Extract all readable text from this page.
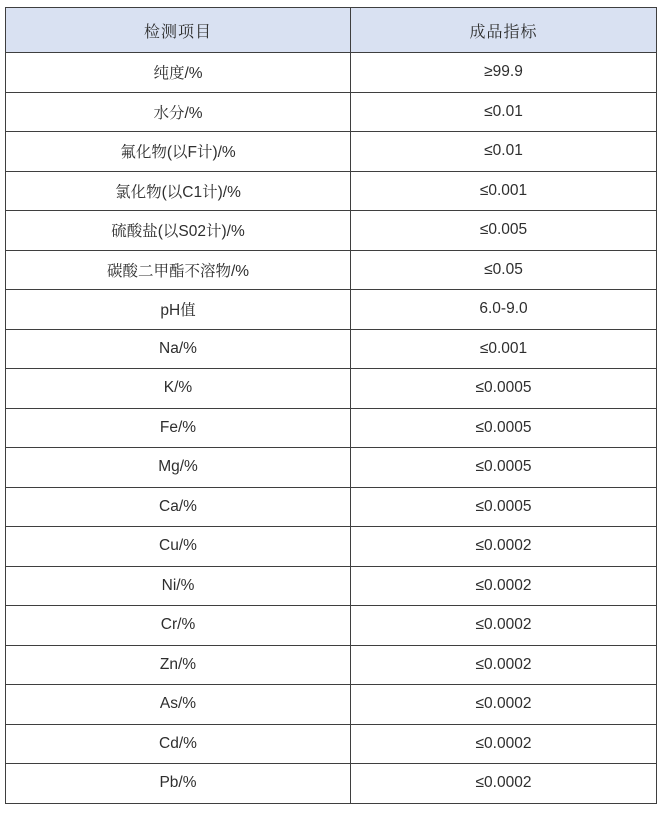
检测项目	成品指标
纯度/%	≥99.9
水分/%	≤0.01
氟化物(以F计)/%	≤0.01
氯化物(以C1计)/%	≤0.001
硫酸盐(以S02计)/%	≤0.005
碳酸二甲酯不溶物/%	≤0.05
pH值	6.0-9.0
Na/%	≤0.001
K/%	≤0.0005
Fe/%	≤0.0005
Mg/%	≤0.0005
Ca/%	≤0.0005
Cu/%	≤0.0002
Ni/%	≤0.0002
Cr/%	≤0.0002
Zn/%	≤0.0002
As/%	≤0.0002
Cd/%	≤0.0002
Pb/%	≤0.0002
